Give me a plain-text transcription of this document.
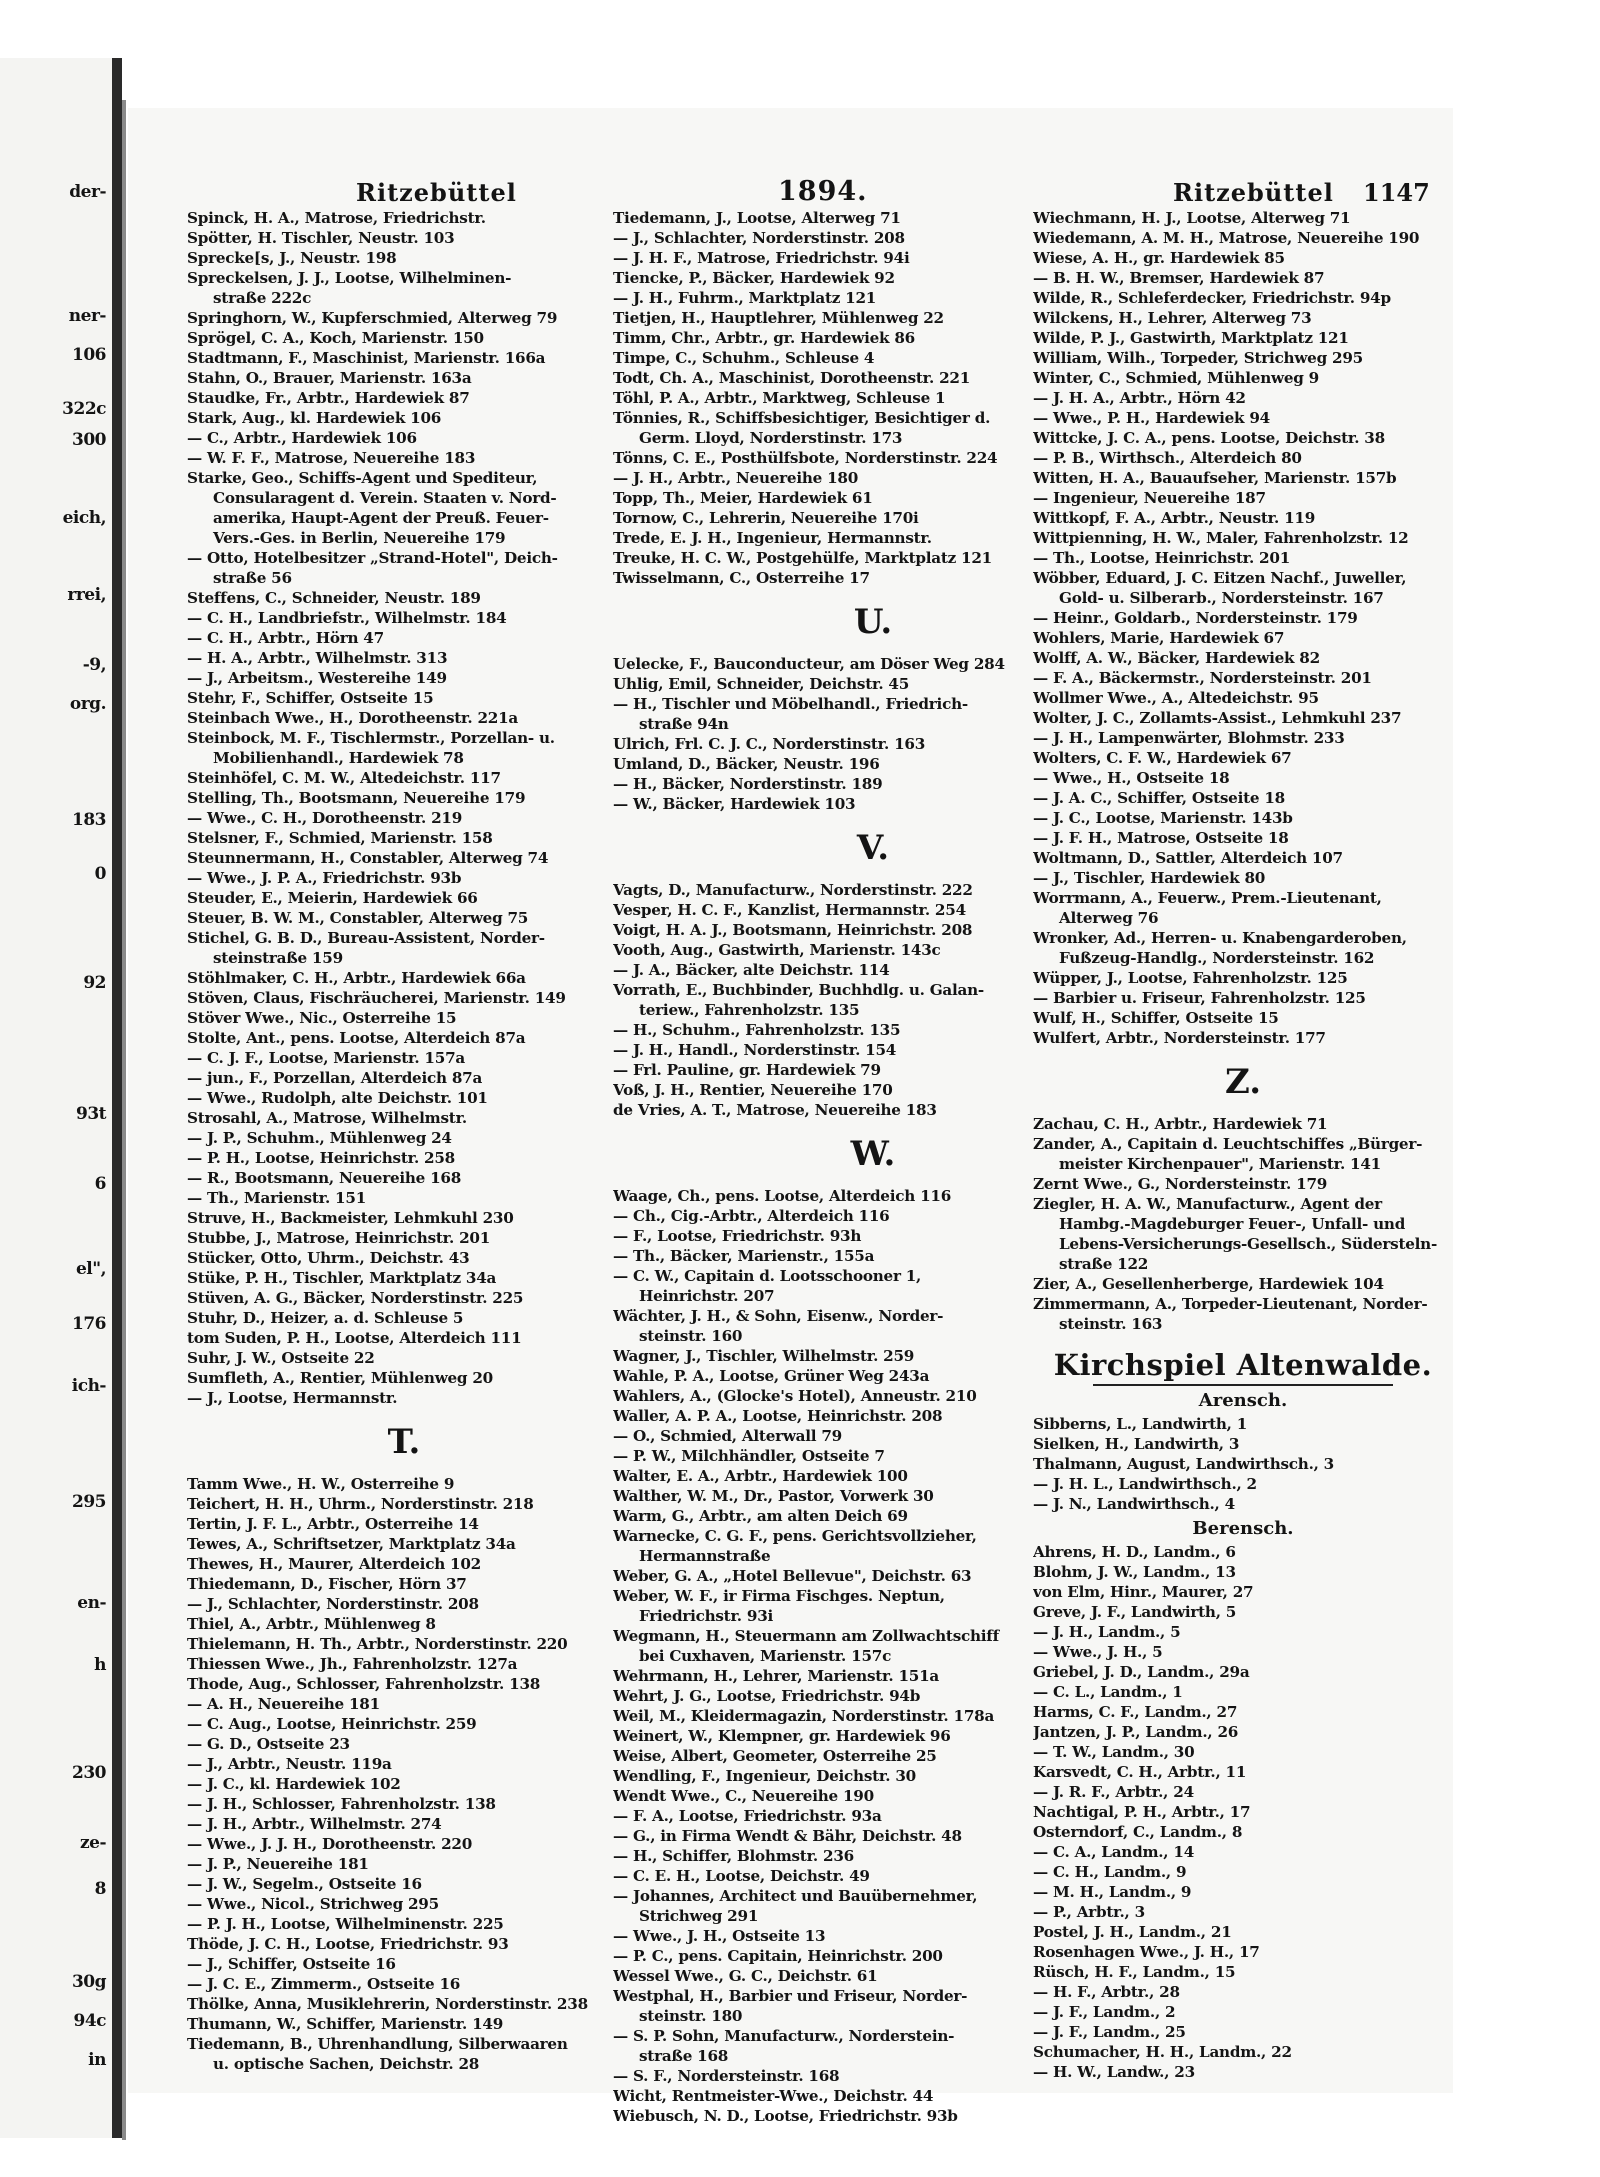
der-
ner-
106
322c
300
eich,
rrei,
-9,
org.
183
0
92
93t
6
el",
176
ich-
295
en-
h
230
ze-
8
30g
94c
in
Ritzebüttel	1894.	Ritzebüttel 1147
Spinck, H. A., Matrose, Friedrichstr.
Spötter, H. Tischler, Neustr. 103
Sprecke[s, J., Neustr. 198
Spreckelsen, J. J., Lootse, Wilhelminen-
straße 222c
Springhorn, W., Kupferschmied, Alterweg 79
Sprögel, C. A., Koch, Marienstr. 150
Stadtmann, F., Maschinist, Marienstr. 166a
Stahn, O., Brauer, Marienstr. 163a
Staudke, Fr., Arbtr., Hardewiek 87
Stark, Aug., kl. Hardewiek 106
— C., Arbtr., Hardewiek 106
— W. F. F., Matrose, Neuereihe 183
Starke, Geo., Schiffs-Agent und Spediteur,
Consularagent d. Verein. Staaten v. Nord-
amerika, Haupt-Agent der Preuß. Feuer-
Vers.-Ges. in Berlin, Neuereihe 179
— Otto, Hotelbesitzer „Strand-Hotel", Deich-
straße 56
Steffens, C., Schneider, Neustr. 189
— C. H., Landbriefstr., Wilhelmstr. 184
— C. H., Arbtr., Hörn 47
— H. A., Arbtr., Wilhelmstr. 313
— J., Arbeitsm., Westereihe 149
Stehr, F., Schiffer, Ostseite 15
Steinbach Wwe., H., Dorotheenstr. 221a
Steinbock, M. F., Tischlermstr., Porzellan- u.
Mobilienhandl., Hardewiek 78
Steinhöfel, C. M. W., Altedeichstr. 117
Stelling, Th., Bootsmann, Neuereihe 179
— Wwe., C. H., Dorotheenstr. 219
Stelsner, F., Schmied, Marienstr. 158
Steunnermann, H., Constabler, Alterweg 74
— Wwe., J. P. A., Friedrichstr. 93b
Steuder, E., Meierin, Hardewiek 66
Steuer, B. W. M., Constabler, Alterweg 75
Stichel, G. B. D., Bureau-Assistent, Norder-
steinstraße 159
Stöhlmaker, C. H., Arbtr., Hardewiek 66a
Stöven, Claus, Fischräucherei, Marienstr. 149
Stöver Wwe., Nic., Osterreihe 15
Stolte, Ant., pens. Lootse, Alterdeich 87a
— C. J. F., Lootse, Marienstr. 157a
— jun., F., Porzellan, Alterdeich 87a
— Wwe., Rudolph, alte Deichstr. 101
Strosahl, A., Matrose, Wilhelmstr.
— J. P., Schuhm., Mühlenweg 24
— P. H., Lootse, Heinrichstr. 258
— R., Bootsmann, Neuereihe 168
— Th., Marienstr. 151
Struve, H., Backmeister, Lehmkuhl 230
Stubbe, J., Matrose, Heinrichstr. 201
Stücker, Otto, Uhrm., Deichstr. 43
Stüke, P. H., Tischler, Marktplatz 34a
Stüven, A. G., Bäcker, Norderstinstr. 225
Stuhr, D., Heizer, a. d. Schleuse 5
tom Suden, P. H., Lootse, Alterdeich 111
Suhr, J. W., Ostseite 22
Sumfleth, A., Rentier, Mühlenweg 20
— J., Lootse, Hermannstr.
T.
Tamm Wwe., H. W., Osterreihe 9
Teichert, H. H., Uhrm., Norderstinstr. 218
Tertin, J. F. L., Arbtr., Osterreihe 14
Tewes, A., Schriftsetzer, Marktplatz 34a
Thewes, H., Maurer, Alterdeich 102
Thiedemann, D., Fischer, Hörn 37
— J., Schlachter, Norderstinstr. 208
Thiel, A., Arbtr., Mühlenweg 8
Thielemann, H. Th., Arbtr., Norderstinstr. 220
Thiessen Wwe., Jh., Fahrenholzstr. 127a
Thode, Aug., Schlosser, Fahrenholzstr. 138
— A. H., Neuereihe 181
— C. Aug., Lootse, Heinrichstr. 259
— G. D., Ostseite 23
— J., Arbtr., Neustr. 119a
— J. C., kl. Hardewiek 102
— J. H., Schlosser, Fahrenholzstr. 138
— J. H., Arbtr., Wilhelmstr. 274
— Wwe., J. J. H., Dorotheenstr. 220
— J. P., Neuereihe 181
— J. W., Segelm., Ostseite 16
— Wwe., Nicol., Strichweg 295
— P. J. H., Lootse, Wilhelminenstr. 225
Thöde, J. C. H., Lootse, Friedrichstr. 93
— J., Schiffer, Ostseite 16
— J. C. E., Zimmerm., Ostseite 16
Thölke, Anna, Musiklehrerin, Norderstinstr. 238
Thumann, W., Schiffer, Marienstr. 149
Tiedemann, B., Uhrenhandlung, Silberwaaren
u. optische Sachen, Deichstr. 28
Tiedemann, J., Lootse, Alterweg 71
— J., Schlachter, Norderstinstr. 208
— J. H. F., Matrose, Friedrichstr. 94i
Tiencke, P., Bäcker, Hardewiek 92
— J. H., Fuhrm., Marktplatz 121
Tietjen, H., Hauptlehrer, Mühlenweg 22
Timm, Chr., Arbtr., gr. Hardewiek 86
Timpe, C., Schuhm., Schleuse 4
Todt, Ch. A., Maschinist, Dorotheenstr. 221
Töhl, P. A., Arbtr., Marktweg, Schleuse 1
Tönnies, R., Schiffsbesichtiger, Besichtiger d.
Germ. Lloyd, Norderstinstr. 173
Tönns, C. E., Posthülfsbote, Norderstinstr. 224
— J. H., Arbtr., Neuereihe 180
Topp, Th., Meier, Hardewiek 61
Tornow, C., Lehrerin, Neuereihe 170i
Trede, E. J. H., Ingenieur, Hermannstr.
Treuke, H. C. W., Postgehülfe, Marktplatz 121
Twisselmann, C., Osterreihe 17
U.
Uelecke, F., Bauconducteur, am Döser Weg 284
Uhlig, Emil, Schneider, Deichstr. 45
— H., Tischler und Möbelhandl., Friedrich-
straße 94n
Ulrich, Frl. C. J. C., Norderstinstr. 163
Umland, D., Bäcker, Neustr. 196
— H., Bäcker, Norderstinstr. 189
— W., Bäcker, Hardewiek 103
V.
Vagts, D., Manufacturw., Norderstinstr. 222
Vesper, H. C. F., Kanzlist, Hermannstr. 254
Voigt, H. A. J., Bootsmann, Heinrichstr. 208
Vooth, Aug., Gastwirth, Marienstr. 143c
— J. A., Bäcker, alte Deichstr. 114
Vorrath, E., Buchbinder, Buchhdlg. u. Galan-
teriew., Fahrenholzstr. 135
— H., Schuhm., Fahrenholzstr. 135
— J. H., Handl., Norderstinstr. 154
— Frl. Pauline, gr. Hardewiek 79
Voß, J. H., Rentier, Neuereihe 170
de Vries, A. T., Matrose, Neuereihe 183
W.
Waage, Ch., pens. Lootse, Alterdeich 116
— Ch., Cig.-Arbtr., Alterdeich 116
— F., Lootse, Friedrichstr. 93h
— Th., Bäcker, Marienstr., 155a
— C. W., Capitain d. Lootsschooner 1,
Heinrichstr. 207
Wächter, J. H., & Sohn, Eisenw., Norder-
steinstr. 160
Wagner, J., Tischler, Wilhelmstr. 259
Wahle, P. A., Lootse, Grüner Weg 243a
Wahlers, A., (Glocke's Hotel), Anneustr. 210
Waller, A. P. A., Lootse, Heinrichstr. 208
— O., Schmied, Alterwall 79
— P. W., Milchhändler, Ostseite 7
Walter, E. A., Arbtr., Hardewiek 100
Walther, W. M., Dr., Pastor, Vorwerk 30
Warm, G., Arbtr., am alten Deich 69
Warnecke, C. G. F., pens. Gerichtsvollzieher,
Hermannstraße
Weber, G. A., „Hotel Bellevue", Deichstr. 63
Weber, W. F., ir Firma Fischges. Neptun,
Friedrichstr. 93i
Wegmann, H., Steuermann am Zollwachtschiff
bei Cuxhaven, Marienstr. 157c
Wehrmann, H., Lehrer, Marienstr. 151a
Wehrt, J. G., Lootse, Friedrichstr. 94b
Weil, M., Kleidermagazin, Norderstinstr. 178a
Weinert, W., Klempner, gr. Hardewiek 96
Weise, Albert, Geometer, Osterreihe 25
Wendling, F., Ingenieur, Deichstr. 30
Wendt Wwe., C., Neuereihe 190
— F. A., Lootse, Friedrichstr. 93a
— G., in Firma Wendt & Bähr, Deichstr. 48
— H., Schiffer, Blohmstr. 236
— C. E. H., Lootse, Deichstr. 49
— Johannes, Architect und Bauübernehmer,
Strichweg 291
— Wwe., J. H., Ostseite 13
— P. C., pens. Capitain, Heinrichstr. 200
Wessel Wwe., G. C., Deichstr. 61
Westphal, H., Barbier und Friseur, Norder-
steinstr. 180
— S. P. Sohn, Manufacturw., Norderstein-
straße 168
— S. F., Nordersteinstr. 168
Wicht, Rentmeister-Wwe., Deichstr. 44
Wiebusch, N. D., Lootse, Friedrichstr. 93b
Wiechmann, H. J., Lootse, Alterweg 71
Wiedemann, A. M. H., Matrose, Neuereihe 190
Wiese, A. H., gr. Hardewiek 85
— B. H. W., Bremser, Hardewiek 87
Wilde, R., Schleferdecker, Friedrichstr. 94p
Wilckens, H., Lehrer, Alterweg 73
Wilde, P. J., Gastwirth, Marktplatz 121
William, Wilh., Torpeder, Strichweg 295
Winter, C., Schmied, Mühlenweg 9
— J. H. A., Arbtr., Hörn 42
— Wwe., P. H., Hardewiek 94
Wittcke, J. C. A., pens. Lootse, Deichstr. 38
— P. B., Wirthsch., Alterdeich 80
Witten, H. A., Bauaufseher, Marienstr. 157b
— Ingenieur, Neuereihe 187
Wittkopf, F. A., Arbtr., Neustr. 119
Wittpienning, H. W., Maler, Fahrenholzstr. 12
— Th., Lootse, Heinrichstr. 201
Wöbber, Eduard, J. C. Eitzen Nachf., Juweller,
Gold- u. Silberarb., Nordersteinstr. 167
— Heinr., Goldarb., Nordersteinstr. 179
Wohlers, Marie, Hardewiek 67
Wolff, A. W., Bäcker, Hardewiek 82
— F. A., Bäckermstr., Nordersteinstr. 201
Wollmer Wwe., A., Altedeichstr. 95
Wolter, J. C., Zollamts-Assist., Lehmkuhl 237
— J. H., Lampenwärter, Blohmstr. 233
Wolters, C. F. W., Hardewiek 67
— Wwe., H., Ostseite 18
— J. A. C., Schiffer, Ostseite 18
— J. C., Lootse, Marienstr. 143b
— J. F. H., Matrose, Ostseite 18
Woltmann, D., Sattler, Alterdeich 107
— J., Tischler, Hardewiek 80
Worrmann, A., Feuerw., Prem.-Lieutenant,
Alterweg 76
Wronker, Ad., Herren- u. Knabengarderoben,
Fußzeug-Handlg., Nordersteinstr. 162
Wüpper, J., Lootse, Fahrenholzstr. 125
— Barbier u. Friseur, Fahrenholzstr. 125
Wulf, H., Schiffer, Ostseite 15
Wulfert, Arbtr., Nordersteinstr. 177
Z.
Zachau, C. H., Arbtr., Hardewiek 71
Zander, A., Capitain d. Leuchtschiffes „Bürger-
meister Kirchenpauer", Marienstr. 141
Zernt Wwe., G., Nordersteinstr. 179
Ziegler, H. A. W., Manufacturw., Agent der
Hambg.-Magdeburger Feuer-, Unfall- und
Lebens-Versicherungs-Gesellsch., Südersteln-
straße 122
Zier, A., Gesellenherberge, Hardewiek 104
Zimmermann, A., Torpeder-Lieutenant, Norder-
steinstr. 163
Kirchspiel Altenwalde.
Arensch.
Sibberns, L., Landwirth, 1
Sielken, H., Landwirth, 3
Thalmann, August, Landwirthsch., 3
— J. H. L., Landwirthsch., 2
— J. N., Landwirthsch., 4
Berensch.
Ahrens, H. D., Landm., 6
Blohm, J. W., Landm., 13
von Elm, Hinr., Maurer, 27
Greve, J. F., Landwirth, 5
— J. H., Landm., 5
— Wwe., J. H., 5
Griebel, J. D., Landm., 29a
— C. L., Landm., 1
Harms, C. F., Landm., 27
Jantzen, J. P., Landm., 26
— T. W., Landm., 30
Karsvedt, C. H., Arbtr., 11
— J. R. F., Arbtr., 24
Nachtigal, P. H., Arbtr., 17
Osterndorf, C., Landm., 8
— C. A., Landm., 14
— C. H., Landm., 9
— M. H., Landm., 9
— P., Arbtr., 3
Postel, J. H., Landm., 21
Rosenhagen Wwe., J. H., 17
Rüsch, H. F., Landm., 15
— H. F., Arbtr., 28
— J. F., Landm., 2
— J. F., Landm., 25
Schumacher, H. H., Landm., 22
— H. W., Landw., 23
